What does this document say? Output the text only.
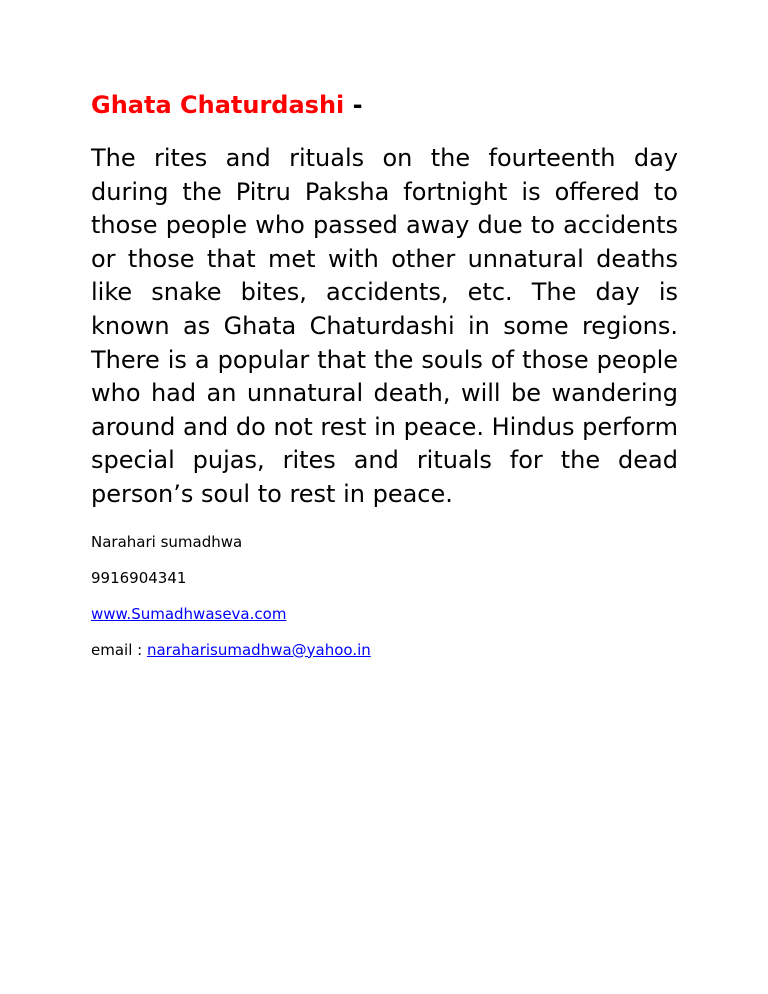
Ghata Chaturdashi -

The rites and rituals on the fourteenth day during the Pitru Paksha fortnight is offered to those people who passed away due to accidents or those that met with other unnatural deaths like snake bites, accidents, etc. The day is known as Ghata Chaturdashi in some regions.    There is a popular that the souls of those people who had an unnatural death, will be wandering around and do not rest in peace. Hindus perform special pujas, rites and rituals for the dead person’s soul to rest in peace.

Narahari sumadhwa

9916904341

www.Sumadhwaseva.com

email : naraharisumadhwa@yahoo.in
